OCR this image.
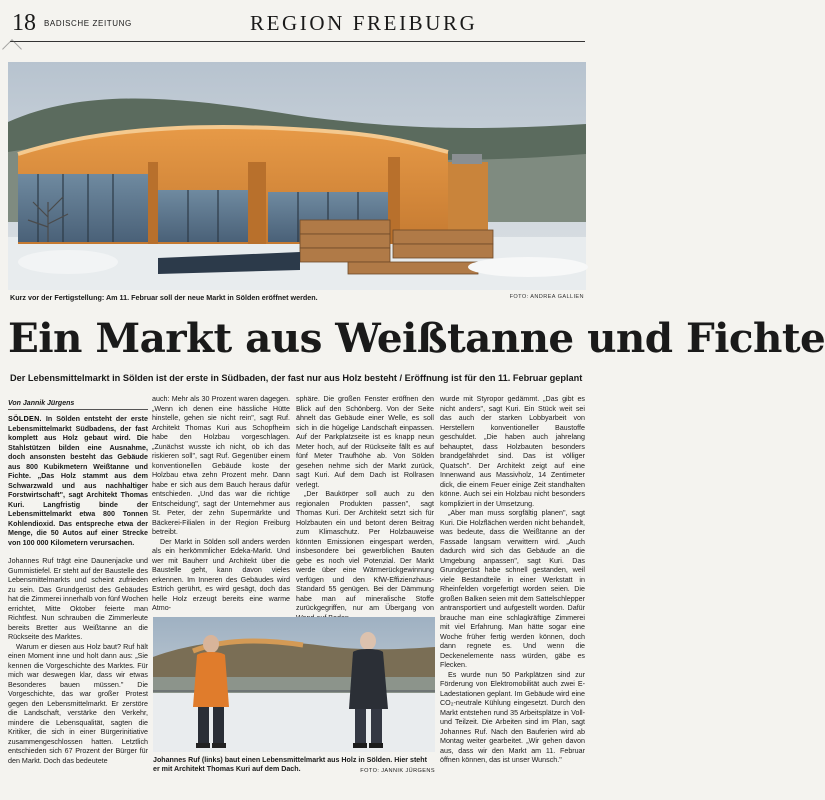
18 BADISCHE ZEITUNG	REGION FREIBURG
Kurz vor der Fertigstellung: Am 11. Februar soll der neue Markt in Sölden eröffnet werden.	FOTO: ANDREA GALLIEN
Ein Markt aus Weißtanne und Fichte
Der Lebensmittelmarkt in Sölden ist der erste in Südbaden, der fast nur aus Holz besteht / Eröffnung ist für den 11. Februar geplant
Von Jannik Jürgens

SÖLDEN. In Sölden entsteht der erste Lebensmittelmarkt Südbadens, der fast komplett aus Holz gebaut wird. Die Stahlstützen bilden eine Ausnahme, doch ansonsten besteht das Gebäude aus 800 Kubikmetern Weißtanne und Fichte. „Das Holz stammt aus dem Schwarzwald und aus nachhaltiger Forstwirtschaft", sagt Architekt Thomas Kuri. Langfristig binde der Lebensmittelmarkt etwa 800 Tonnen Kohlendioxid. Das entspreche etwa der Menge, die 50 Autos auf einer Strecke von 100 000 Kilometern verursachen.

Johannes Ruf trägt eine Daunenjacke und Gummistiefel. Er steht auf der Baustelle des Lebensmittelmarkts und scheint zufrieden zu sein. Das Grundgerüst des Gebäudes hat die Zimmerei innerhalb von fünf Wochen errichtet, Mitte Oktober feierte man Richtfest. Nun schrauben die Zimmerleute bereits Bretter aus Weißtanne an die Rückseite des Marktes.

Warum er diesen aus Holz baut? Ruf hält einen Moment inne und holt dann aus: „Sie kennen die Vorgeschichte des Marktes. Für mich war deswegen klar, dass wir etwas Besonderes bauen müssen." Die Vorgeschichte, das war großer Protest gegen den Lebensmittelmarkt. Er zerstöre die Landschaft, verstärke den Verkehr, mindere die Lebensqualität, sagten die Kritiker, die sich in einer Bürgerinitiative zusammengeschlossen hatten. Letztlich entschieden sich 67 Prozent der Bürger für den Markt. Doch das bedeutete

auch: Mehr als 30 Prozent waren dagegen. „Wenn ich denen eine hässliche Hütte hinstelle, gehen sie nicht rein", sagt Ruf. Architekt Thomas Kuri aus Schopfheim habe den Holzbau vorgeschlagen. „Zunächst wusste ich nicht, ob ich das riskieren soll", sagt Ruf. Gegenüber einem konventionellen Gebäude koste der Holzbau etwa zehn Prozent mehr. Dann habe er sich aus dem Bauch heraus dafür entschieden. „Und das war die richtige Entscheidung", sagt der Unternehmer aus St. Peter, der zehn Supermärkte und Bäckerei-Filialen in der Region Freiburg betreibt.

Der Markt in Sölden soll anders werden als ein herkömmlicher Edeka-Markt. Und wer mit Bauherr und Architekt über die Baustelle geht, kann davon vieles erkennen. Im Inneren des Gebäudes wird Estrich gerührt, es wird gesägt, doch das helle Holz erzeugt bereits eine warme Atmo-

sphäre. Die großen Fenster eröffnen den Blick auf den Schönberg. Von der Seite ähnelt das Gebäude einer Welle, es soll sich in die hügelige Landschaft einpassen. Auf der Parkplatzseite ist es knapp neun Meter hoch, auf der Rückseite fällt es auf fünf Meter Traufhöhe ab. Von Sölden gesehen nehme sich der Markt zurück, sagt Kuri. Auf dem Dach ist Rollrasen verlegt.

„Der Baukörper soll auch zu den regionalen Produkten passen", sagt Thomas Kuri. Der Architekt setzt sich für Holzbauten ein und betont deren Beitrag zum Klimaschutz. Per Holzbauweise könnten Emissionen eingespart werden, insbesondere bei gewerblichen Bauten gebe es noch viel Potenzial. Der Markt werde über eine Wärmerückgewinnung verfügen und den KfW-Effizienzhaus-Standard 55 genügen. Bei der Dämmung habe man auf mineralische Stoffe zurückgegriffen, nur am Übergang von

wurde mit Styropor gedämmt. „Das gibt es nicht anders", sagt Kuri. Ein Stück weit sei das auch der starken Lobbyarbeit von Herstellern konventioneller Baustoffe geschuldet. „Die haben auch jahrelang behauptet, dass Holzbauten besonders brandgefährdet sind. Das ist völliger Quatsch". Der Architekt zeigt auf eine Innenwand aus Massivholz, 14 Zentimeter dick, die einem Feuer einige Zeit standhalten könne. Auch sei ein Holzbau nicht besonders kompliziert in der Umsetzung.

„Aber man muss sorgfältig planen", sagt Kuri. Die Holzflächen werden nicht behandelt, was bedeute, dass die Weißtanne an der Fassade langsam verwittern wird. „Auch dadurch wird sich das Gebäude an die Umgebung anpassen", sagt Kuri. Das Grundgerüst habe schnell gestanden, weil viele Bestandteile in einer Werkstatt in Rheinfelden vorgefertigt worden seien. Die großen Balken seien mit dem Sattelschlepper antransportiert und aufgestellt worden. Dafür brauche man eine schlagkräftige Zimmerei mit viel Erfahrung. Man hätte sogar eine Woche früher fertig werden können, doch dann regnete es. Und wenn die Deckenelemente nass würden, gäbe es Flecken.

Es wurde nun 50 Parkplätzen sind zur Förderung von Elektromobilität auch zwei E-Ladestationen geplant. Im Gebäude wird eine CO₂-neutrale Kühlung eingesetzt. Durch den Markt entstehen rund 35 Arbeitsplätze in Voll- und Teilzeit. Die Arbeiten sind im Plan, sagt Johannes Ruf. Nach den Bauferien wird ab Montag weiter gearbeitet. „Wir gehen davon aus, dass wir den Markt am 11. Februar öffnen können, das ist unser Wunsch."

Johannes Ruf (links) baut einen Lebensmittelmarkt aus Holz in Sölden. Hier steht er mit Architekt Thomas Kuri auf dem Dach.	FOTO: JANNIK JÜRGENS
